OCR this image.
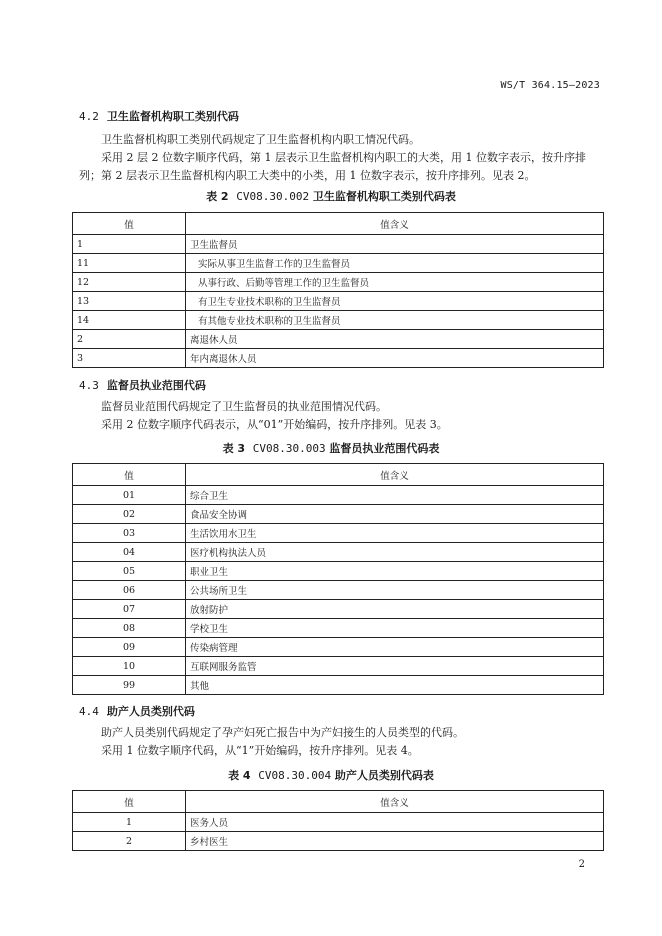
WS/T 364.15—2023
4.2 卫生监督机构职工类别代码
卫生监督机构职工类别代码规定了卫生监督机构内职工情况代码。
采用 2 层 2 位数字顺序代码，第 1 层表示卫生监督机构内职工的大类，用 1 位数字表示，按升序排
列；第 2 层表示卫生监督机构内职工大类中的小类，用 1 位数字表示，按升序排列。见表 2。
表 2 CV08.30.002 卫生监督机构职工类别代码表
值	值含义
1	卫生监督员
11	实际从事卫生监督工作的卫生监督员
12	从事行政、后勤等管理工作的卫生监督员
13	有卫生专业技术职称的卫生监督员
14	有其他专业技术职称的卫生监督员
2	离退休人员
3	年内离退休人员
4.3 监督员执业范围代码
监督员业范围代码规定了卫生监督员的执业范围情况代码。
采用 2 位数字顺序代码表示，从“01”开始编码，按升序排列。见表 3。
表 3 CV08.30.003 监督员执业范围代码表
值	值含义
01	综合卫生
02	食品安全协调
03	生活饮用水卫生
04	医疗机构执法人员
05	职业卫生
06	公共场所卫生
07	放射防护
08	学校卫生
09	传染病管理
10	互联网服务监管
99	其他
4.4 助产人员类别代码
助产人员类别代码规定了孕产妇死亡报告中为产妇接生的人员类型的代码。
采用 1 位数字顺序代码，从“1”开始编码，按升序排列。见表 4。
表 4 CV08.30.004 助产人员类别代码表
值	值含义
1	医务人员
2	乡村医生
2
